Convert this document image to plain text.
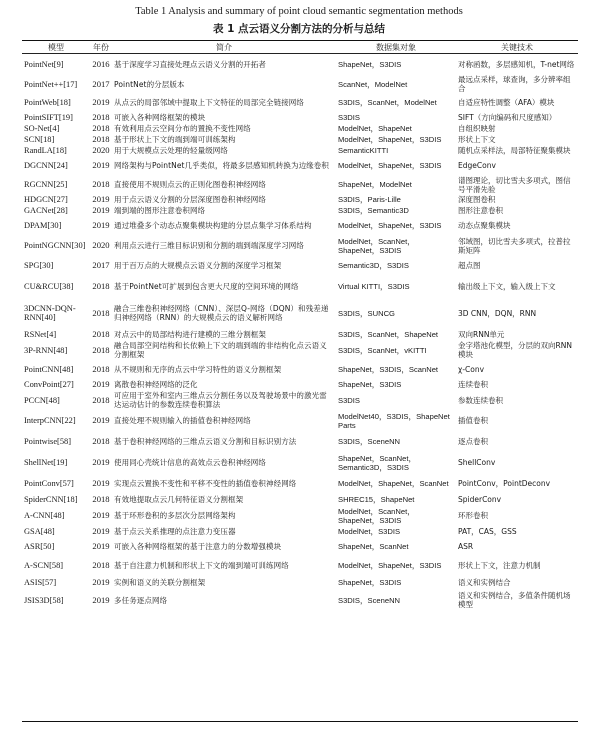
Table 1 Analysis and summary of point cloud semantic segmentation methods
表 1 点云语义分割方法的分析与总结
模型	年份	简介	数据集对象	关键技术
PointNet[9]	2016	基于深度学习直接处理点云语义分割的开拓者	ShapeNet，S3DIS	对称函数，多层感知机，T-net网络
PointNet++[17]	2017	PointNet的分层版本	ScanNet，ModelNet	最远点采样，球查询，多分辨率组合
PointWeb[18]	2019	从点云的局部邻域中提取上下文特征的局部完全链接网络	S3DIS，ScanNet，ModelNet	自适应特性调整（AFA）模块
PointSIFT[19]	2018	可嵌入各种网络框架的模块	S3DIS	SIFT（方向编码和尺度感知）
SO-Net[4]	2018	有效利用点云空间分布的置换不变性网络	ModelNet，ShapeNet	自组织映射
SCN[18]	2018	基于形状上下文的端到端可训练架构	ModelNet，ShapeNet，S3DIS	形状上下文
RandLA[18]	2020	用于大规模点云处理的轻量级网络	SemanticKITTI	随机点采样法，局部特征聚集模块
DGCNN[24]	2019	网络架构与PointNet几乎类似，将最多层感知机转换为边缘卷积	ModelNet，ShapeNet，S3DIS	EdgeConv
RGCNN[25]	2018	直接使用不规则点云的正则化图卷积神经网络	ShapeNet，ModelNet	谱图理论，切比雪夫多项式，图信号平滑先验
HDGCN[27]	2019	用于点云语义分割的分层深度图卷积神经网络	S3DIS，Paris-Lille	深度图卷积
GACNet[28]	2019	端到端的图形注意卷积网络	S3DIS，Semantic3D	图形注意卷积
DPAM[30]	2019	通过堆叠多个动态点聚集模块构建的分层点集学习体系结构	ModelNet，ShapeNet，S3DIS	动态点聚集模块
PointNGCNN[30]	2020	利用点云进行三维目标识别和分割的端到端深度学习网络	ModelNet，ScanNet，ShapeNet，S3DIS	邻域图，切比雪夫多项式，拉普拉斯矩阵
SPG[30]	2017	用于百万点的大规模点云语义分割的深度学习框架	Semantic3D，S3DIS	超点图
CU&RCU[38]	2018	基于PointNet可扩展到包含更大尺度的空间环境的网络	Virtual KITTI，S3DIS	输出级上下文，输入级上下文
3DCNN-DQN-RNN[40]	2018	融合三维卷积神经网络（CNN）、深层Q-网络（DQN）和残差递归神经网络（RNN）的大规模点云的语义解析网络	S3DIS，SUNCG	3D CNN，DQN，RNN
RSNet[4]	2018	对点云中的局部结构进行建模的三维分割框架	S3DIS，ScanNet，ShapeNet	双向RNN单元
3P-RNN[48]	2018	融合局部空间结构和长依赖上下文的端到端的非结构化点云语义分割框架	S3DIS，ScanNet，vKITTI	金字塔池化模型，分层的双向RNN模块
PointCNN[48]	2018	从不规则和无序的点云中学习特性的语义分割框架	ShapeNet，S3DIS，ScanNet	χ-Conv
ConvPoint[27]	2019	离散卷积神经网络的泛化	ShapeNet，S3DIS	连续卷积
PCCN[48]	2018	可应用于室外和室内三维点云分割任务以及驾驶场景中的激光雷达运动估计的参数连续卷积算法	S3DIS	参数连续卷积
InterpCNN[22]	2019	直接处理不规则输入的插值卷积神经网络	ModelNet40，S3DIS，ShapeNet Parts	插值卷积
Pointwise[58]	2018	基于卷积神经网络的三维点云语义分割和目标识别方法	S3DIS，SceneNN	逐点卷积
ShellNet[19]	2019	使用同心壳统计信息的高效点云卷积神经网络	ShapeNet，ScanNet，Semantic3D，S3DIS	ShellConv
PointConv[57]	2019	实现点云置换不变性和平移不变性的插值卷积神经网络	ModelNet，ShapeNet，ScanNet	PointConv，PointDeconv
SpiderCNN[18]	2018	有效地提取点云几何特征语义分割框架	SHREC15，ShapeNet	SpiderConv
A-CNN[48]	2019	基于环形卷积的多层次分层网络架构	ModelNet，ScanNet，ShapeNet，S3DIS	环形卷积
GSA[48]	2019	基于点云关系推理的点注意力变压器	ModelNet，S3DIS	PAT，CAS，GSS
ASR[50]	2019	可嵌入各种网络框架的基于注意力的分数增强模块	ShapeNet，ScanNet	ASR
A-SCN[58]	2018	基于自注意力机制和形状上下文的端到端可训练网络	ModelNet，ShapeNet，S3DIS	形状上下文，注意力机制
ASIS[57]	2019	实例和语义的关联分割框架	ShapeNet，S3DIS	语义和实例结合
JSIS3D[58]	2019	多任务逐点网络	S3DIS，SceneNN	语义和实例结合，多值条件随机场模型
